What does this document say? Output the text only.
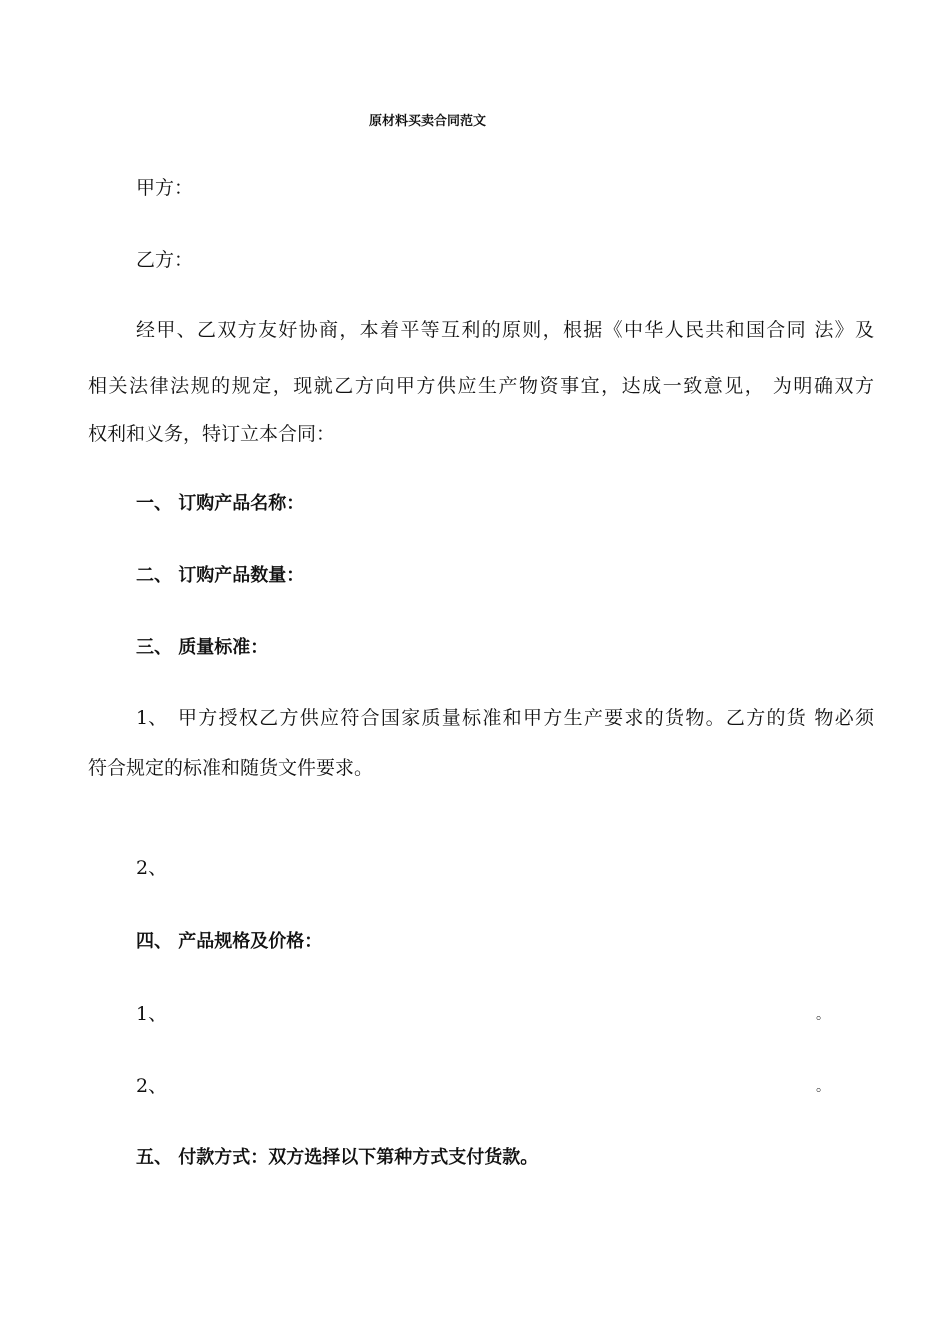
原材料买卖合同范文
甲方：
乙方：
经甲、乙双方友好协商，本着平等互利的原则，根据《中华人民共和国合同 法》及
相关法律法规的规定，现就乙方向甲方供应生产物资事宜，达成一致意见， 为明确双方
权利和义务，特订立本合同：
一、 订购产品名称：
二、 订购产品数量：
三、 质量标准：
1、 甲方授权乙方供应符合国家质量标准和甲方生产要求的货物。乙方的货 物必须
符合规定的标准和随货文件要求。
2、
四、 产品规格及价格：
1、	。
2、	。
五、 付款方式：双方选择以下第种方式支付货款。
